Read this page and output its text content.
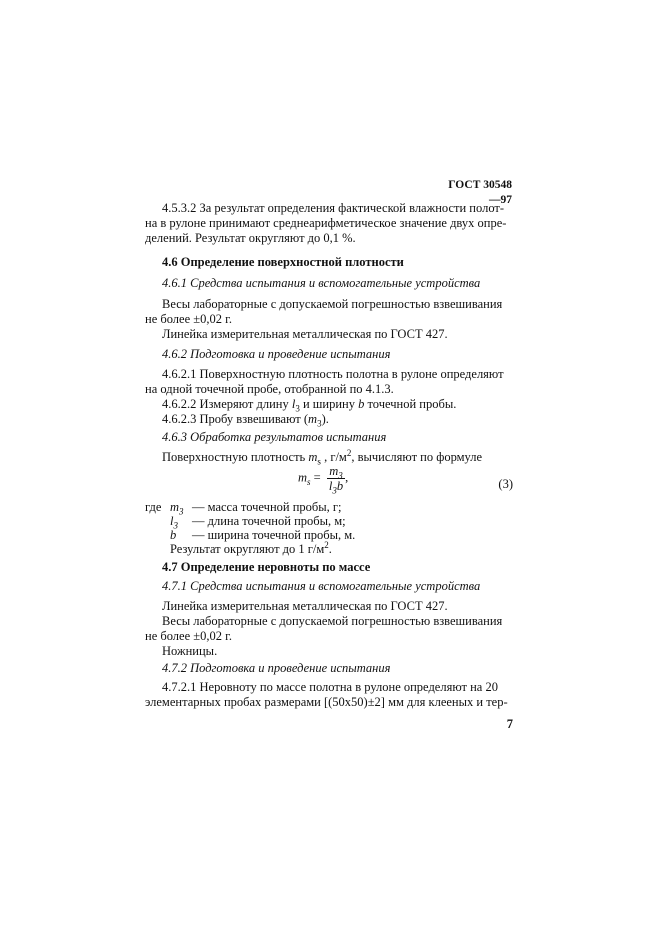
ГОСТ 30548—97
4.5.3.2 За результат определения фактической влажности полот-
на в рулоне принимают среднеарифметическое значение двух опре-
делений. Результат округляют до 0,1 %.
4.6 Определение поверхностной плотности
4.6.1 Средства испытания и вспомогательные устройства
Весы лабораторные с допускаемой погрешностью взвешивания
не более ±0,02 г.
Линейка измерительная металлическая по ГОСТ 427.
4.6.2 Подготовка и проведение испытания
4.6.2.1 Поверхностную плотность полотна в рулоне определяют
на одной точечной пробе, отобранной по 4.1.3.
4.6.2.2 Измеряют длину $l_3$ и ширину b точечной пробы.
4.6.2.3 Пробу взвешивают $(m_3)$.
4.6.3 Обработка результатов испытания
Поверхностную плотность $m_s$ , $г/м^2$, вычисляют по формуле
$m_s = \frac{m_3}{l_3b}$ ,	(3)
где $m_3$ — масса точечной пробы, г;
$l_3$	— длина точечной пробы, м;
b	— ширина точечной пробы, м.
Результат округляют до 1 $г/м^2$.
4.7 Определение неровноты по массе
4.7.1 Средства испытания и вспомогательные устройства
Линейка измерительная металлическая по ГОСТ 427.
Весы лабораторные с допускаемой погрешностью взвешивания
не более ±0,02 г.
Ножницы.
4.7.2 Подготовка и проведение испытания
4.7.2.1 Неровноту по массе полотна в рулоне определяют на 20
элементарных пробах размерами [(50x50)±2] мм для клееных и тер-
7
